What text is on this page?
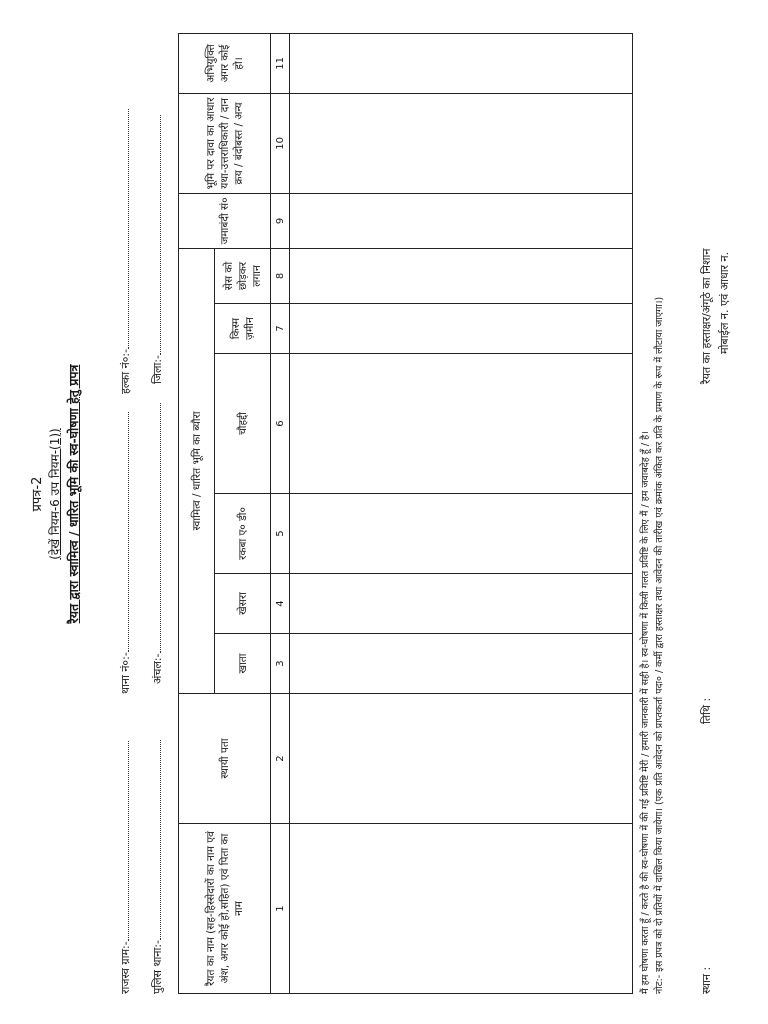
प्रपत्र-2 (देखें नियम-6 उप नियम-(1)) रैयत द्वारा स्वामित्व / धारित भूमि की स्व-घोषणा हेतु प्रपत्र
राजस्व ग्राम:-
थाना नं०:-
हल्का नं०:-
पुलिस थाना:-
अंचल:-
जिला:-
रैयत का नाम (सह-हिस्सेदारों का नाम एवं अंश, अगर कोई हो,सहित) एवं पिता का नाम	स्थायी पता	स्वामित्व / धारित भूमि का ब्यौरा						जमाबंदी सं०	भूमि पर दावा का आधार यथा-उत्तराधिकारी / दान क्रय / बंदोबस्त / अन्य	अभियुक्ति अगर कोई हो।
		खाता	खेसरा	रकबा ए० डी०	चौहद्दी	किस्म ज़मीन	सेस को छोड़कर लगान			
1	2	3	4	5	6	7	8	9	10	11

मैं हम घोषणा करता हूँ / करते है की स्व-घोषणा में की गई प्रविष्टि मेरी / हमारी जानकारी में सही है। स्व-घोषणा में किसी गलत प्रविष्टि के लिए मैं / हम जवाबदेह हूँ / है। नोट:- इस प्रपत्र को दो प्रतियों में दाखिल किया जायेगा। (एक प्रति आवेदन को प्राप्तकर्ता पदा० / कर्मी द्वारा हस्ताक्षर तथा आवेदन की तारीख एवं क्रमांक अंकित कर प्रति के प्रमाण के रूप में लौटाया जाएगा।)	स्थान :
तिथि :
रैयत का हस्ताक्षर/अंगूठे का निशान मोबाईल न. एवं आधार न.
